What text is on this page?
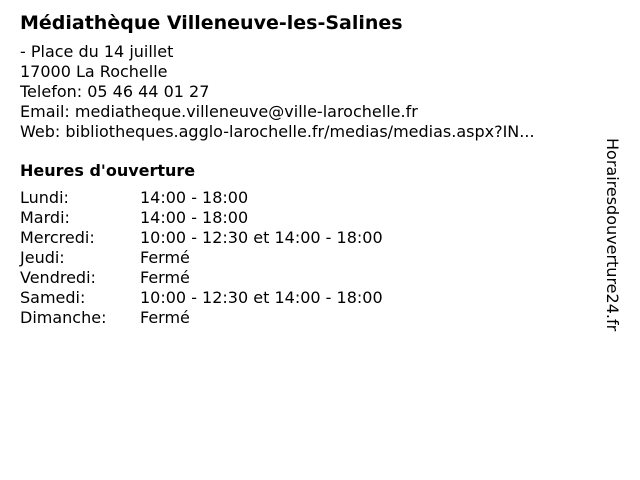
Médiathèque Villeneuve-les-Salines
- Place du 14 juillet
17000 La Rochelle
Telefon: 05 46 44 01 27
Email: mediatheque.villeneuve@ville-larochelle.fr
Web: bibliotheques.agglo-larochelle.fr/medias/medias.aspx?IN...
Heures d'ouverture
Lundi:	14:00 - 18:00
Mardi:	14:00 - 18:00
Mercredi:	10:00 - 12:30 et 14:00 - 18:00
Jeudi:	Fermé
Vendredi:	Fermé
Samedi:	10:00 - 12:30 et 14:00 - 18:00
Dimanche:	Fermé	Horairesdouverture24.fr
